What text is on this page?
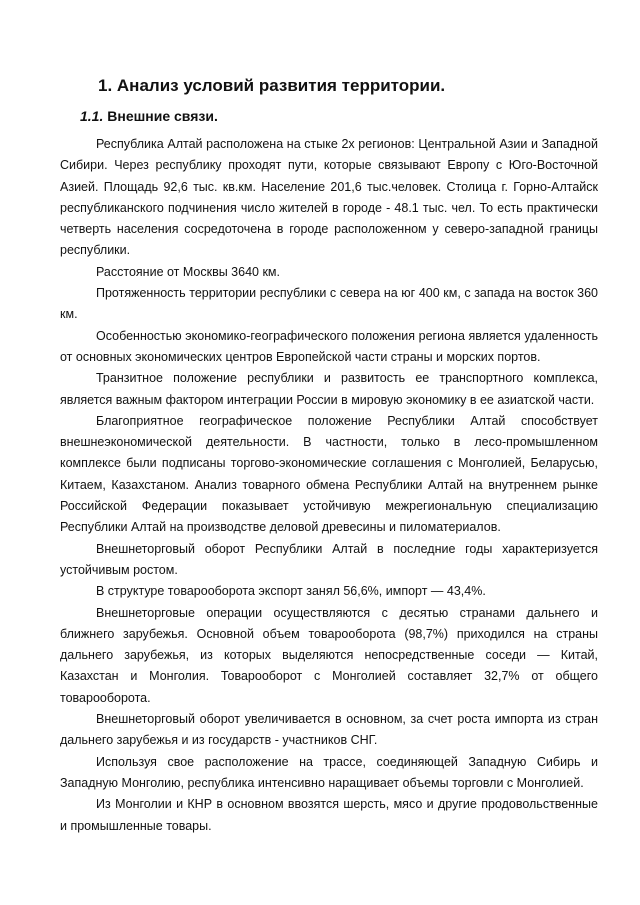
1. Анализ условий развития территории.
1.1. Внешние связи.

Республика Алтай расположена на стыке 2х регионов: Центральной Азии и Западной Сибири. Через республику проходят пути, которые связывают Европу с Юго-Восточной Азией. Площадь 92,6 тыс. кв.км. Население 201,6 тыс.человек. Столица г. Горно-Алтайск республиканского подчинения число жителей в городе - 48.1 тыс. чел. То есть практически четверть населения сосредоточена в городе расположенном у северо-западной границы республики.

Расстояние от Москвы 3640 км.

Протяженность территории республики с севера на юг 400 км, с запада на восток 360 км.

Особенностью экономико-географического положения региона является удаленность от основных экономических центров Европейской части страны и морских портов.

Транзитное положение республики и развитость ее транспортного комплекса, является важным фактором интеграции России в мировую экономику в ее азиатской части.

Благоприятное географическое положение Республики Алтай способствует внешнеэкономической деятельности. В частности, только в лесо-промышленном комплексе были подписаны торгово-экономические соглашения с Монголией, Беларусью, Китаем, Казахстаном. Анализ товарного обмена Республики Алтай на внутреннем рынке Российской Федерации показывает устойчивую межрегиональную специализацию Республики Алтай на производстве деловой древесины и пиломатериалов.

Внешнеторговый оборот Республики Алтай в последние годы характеризуется устойчивым ростом.

В структуре товарооборота экспорт занял 56,6%, импорт — 43,4%.

Внешнеторговые операции осуществляются с десятью странами дальнего и ближнего зарубежья. Основной объем товарооборота (98,7%) приходился на страны дальнего зарубежья, из которых выделяются непосредственные соседи — Китай, Казахстан и Монголия. Товарооборот с Монголией составляет 32,7% от общего товарооборота.

Внешнеторговый оборот увеличивается в основном, за счет роста импорта из стран дальнего зарубежья и из государств - участников СНГ.

Используя свое расположение на трассе, соединяющей Западную Сибирь и Западную Монголию, республика интенсивно наращивает объемы торговли с Монголией.

Из Монголии и КНР в основном ввозятся шерсть, мясо и другие продовольственные и промышленные товары.
